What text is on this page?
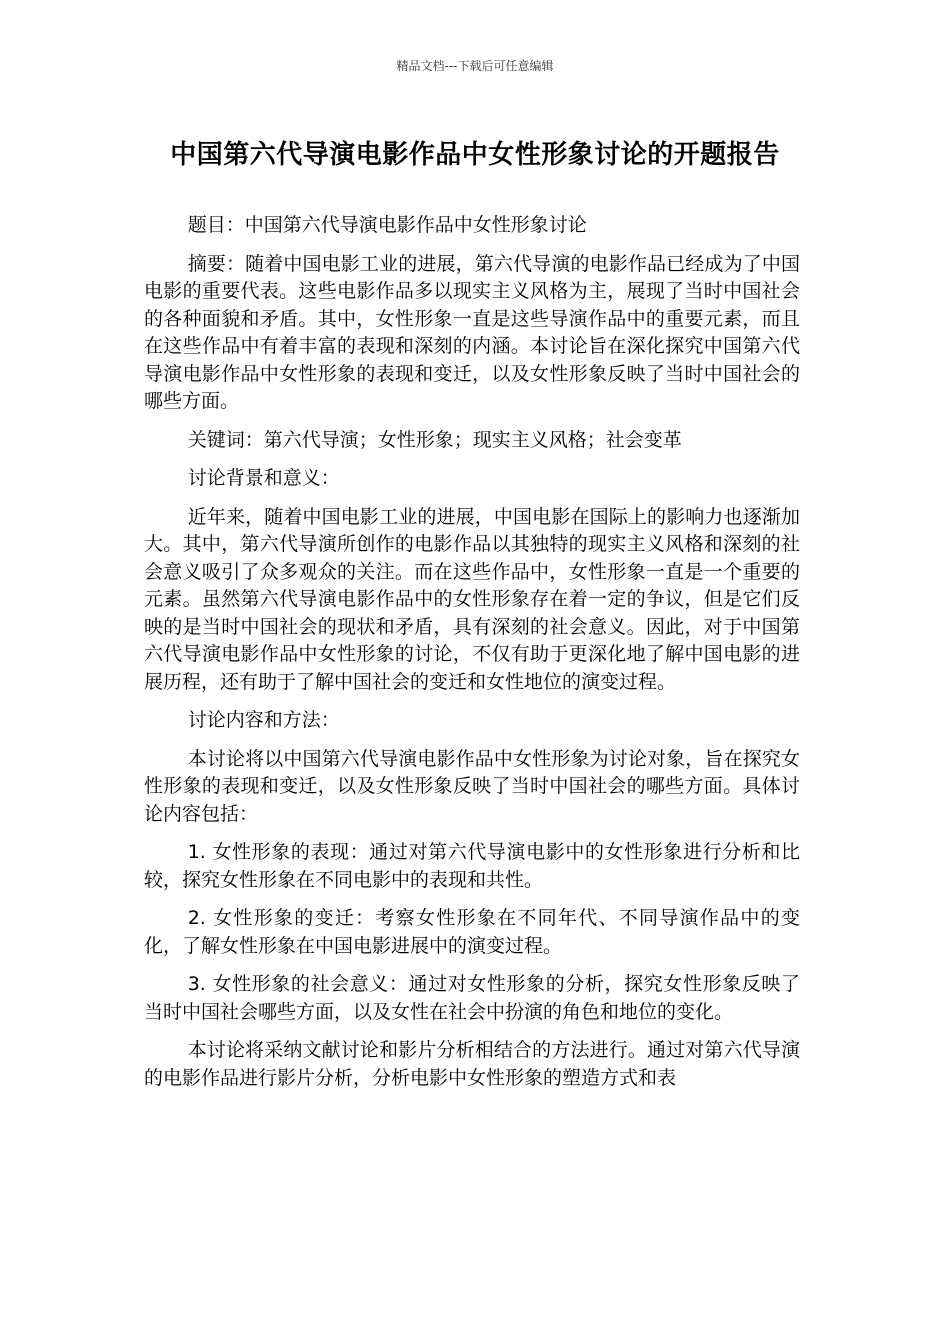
精品文档---下载后可任意编辑
中国第六代导演电影作品中女性形象讨论的开题报告

题目：中国第六代导演电影作品中女性形象讨论

摘要：随着中国电影工业的进展，第六代导演的电影作品已经成为了中国电影的重要代表。这些电影作品多以现实主义风格为主，展现了当时中国社会的各种面貌和矛盾。其中，女性形象一直是这些导演作品中的重要元素，而且在这些作品中有着丰富的表现和深刻的内涵。本讨论旨在深化探究中国第六代导演电影作品中女性形象的表现和变迁，以及女性形象反映了当时中国社会的哪些方面。

关键词：第六代导演；女性形象；现实主义风格；社会变革

讨论背景和意义：

近年来，随着中国电影工业的进展，中国电影在国际上的影响力也逐渐加大。其中，第六代导演所创作的电影作品以其独特的现实主义风格和深刻的社会意义吸引了众多观众的关注。而在这些作品中，女性形象一直是一个重要的元素。虽然第六代导演电影作品中的女性形象存在着一定的争议，但是它们反映的是当时中国社会的现状和矛盾，具有深刻的社会意义。因此，对于中国第六代导演电影作品中女性形象的讨论，不仅有助于更深化地了解中国电影的进展历程，还有助于了解中国社会的变迁和女性地位的演变过程。

讨论内容和方法：

本讨论将以中国第六代导演电影作品中女性形象为讨论对象，旨在探究女性形象的表现和变迁，以及女性形象反映了当时中国社会的哪些方面。具体讨论内容包括：

1. 女性形象的表现：通过对第六代导演电影中的女性形象进行分析和比较，探究女性形象在不同电影中的表现和共性。

2. 女性形象的变迁：考察女性形象在不同年代、不同导演作品中的变化，了解女性形象在中国电影进展中的演变过程。

3. 女性形象的社会意义：通过对女性形象的分析，探究女性形象反映了当时中国社会哪些方面，以及女性在社会中扮演的角色和地位的变化。

本讨论将采纳文献讨论和影片分析相结合的方法进行。通过对第六代导演的电影作品进行影片分析，分析电影中女性形象的塑造方式和表
